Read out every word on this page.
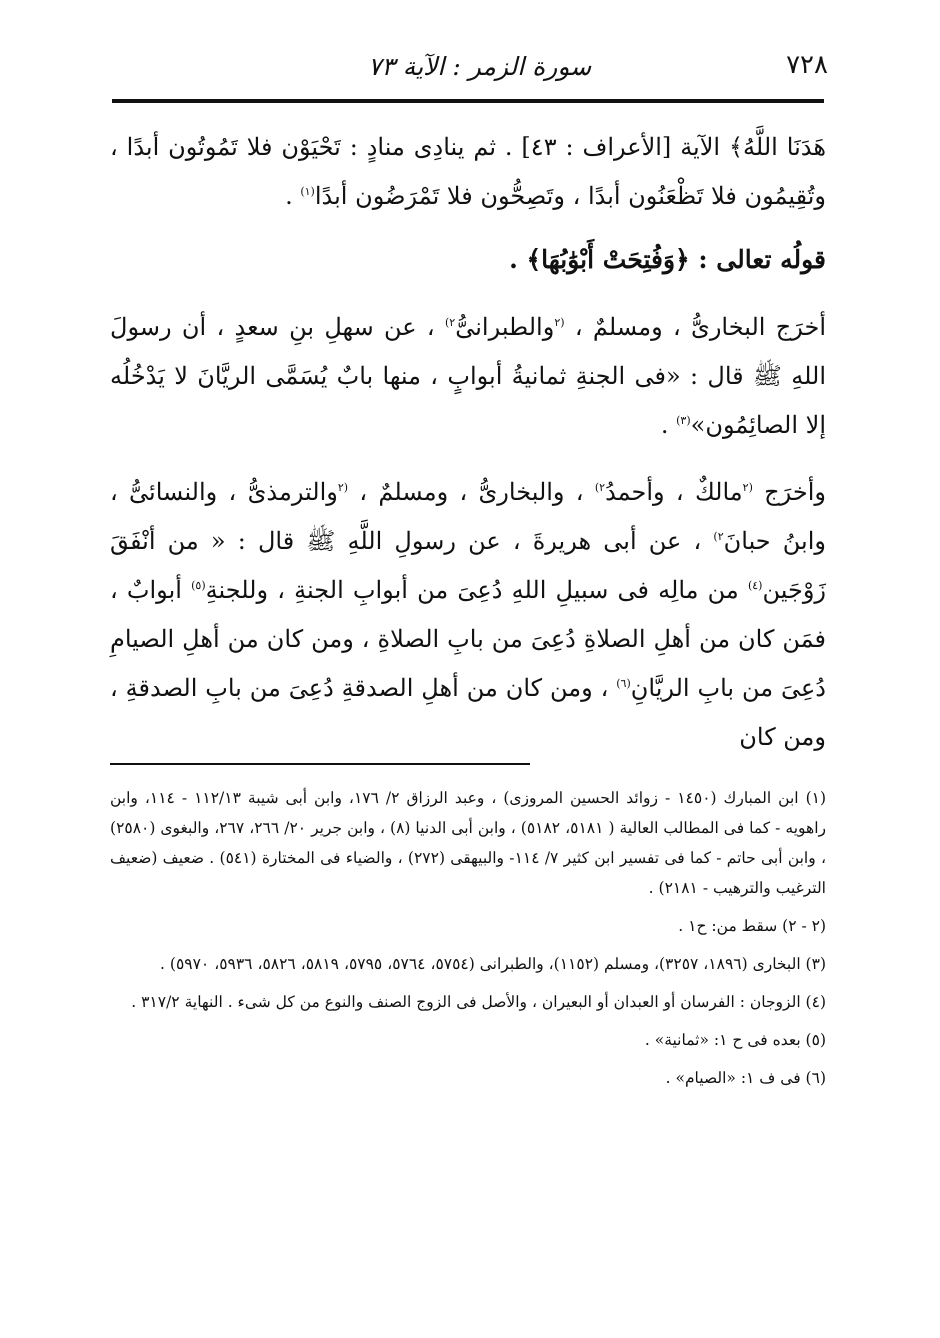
٧٢٨
سورة الزمر : الآية ٧٣

هَدَنَا اللَّهُ﴾ الآية [الأعراف : ٤٣] . ثم ينادِى منادٍ : تَحْيَوْن فلا تَمُوتُون أبدًا ، وتُقِيمُون فلا تَظْعَنُون أبدًا ، وتَصِحُّون فلا تَمْرَضُون أبدًا$^{(١)}$ .

قولُه تعالى : ﴿وَفُتِحَتْ أَبْوَٰبُهَا﴾ .

أخرَج البخارىُّ ، ومسلمٌ ، $^{(٢}$والطبرانىُّ$^{٢)}$ ، عن سهلِ بنِ سعدٍ ، أن رسولَ اللهِ ﷺ قال : «فى الجنةِ ثمانيةُ أبوابٍ ، منها بابٌ يُسَمَّى الريَّانَ لا يَدْخُلُه إلا الصائِمُون»$^{(٣)}$ .

وأخرَج $^{(٢}$مالكٌ ، وأحمدُ$^{٢)}$ ، والبخارىُّ ، ومسلمٌ ، $^{(٢}$والترمذىُّ ، والنسائىُّ ، وابنُ حبانَ$^{٢)}$ ، عن أبى هريرةَ ، عن رسولِ اللَّهِ ﷺ قال : « من أنْفَقَ زَوْجَين$^{(٤)}$ من مالِه فى سبيلِ اللهِ دُعِىَ من أبوابِ الجنةِ ، وللجنةِ$^{(٥)}$ أبوابٌ ، فمَن كان من أهلِ الصلاةِ دُعِىَ من بابِ الصلاةِ ، ومن كان من أهلِ الصيامِ دُعِىَ من بابِ الريَّانِ$^{(٦)}$ ، ومن كان من أهلِ الصدقةِ دُعِىَ من بابِ الصدقةِ ، ومن كان

(١) ابن المبارك (١٤٥٠ - زوائد الحسين المروزى) ، وعبد الرزاق ٢/ ١٧٦، وابن أبى شيبة ١١٢/١٣ - ١١٤، وابن راهويه - كما فى المطالب العالية ( ٥١٨١، ٥١٨٢) ، وابن أبى الدنيا (٨) ، وابن جرير ٢٠/ ٢٦٦، ٢٦٧، والبغوى (٢٥٨٠) ، وابن أبى حاتم - كما فى تفسير ابن كثير ٧/ ١١٤- والبيهقى (٢٧٢) ، والضياء فى المختارة (٥٤١) . ضعيف (ضعيف الترغيب والترهيب - ٢١٨١) .

(٢ - ٢) سقط من: ح١ .

(٣) البخارى (١٨٩٦، ٣٢٥٧)، ومسلم (١١٥٢)، والطبرانى (٥٧٥٤، ٥٧٦٤، ٥٧٩٥، ٥٨١٩، ٥٨٢٦، ٥٩٣٦، ٥٩٧٠) .

(٤) الزوجان : الفرسان أو العبدان أو البعيران ، والأصل فى الزوج الصنف والنوع من كل شىء . النهاية ٣١٧/٢ .

(٥) بعده فى ح ١: «ثمانية» .

(٦) فى ف ١: «الصيام» .
